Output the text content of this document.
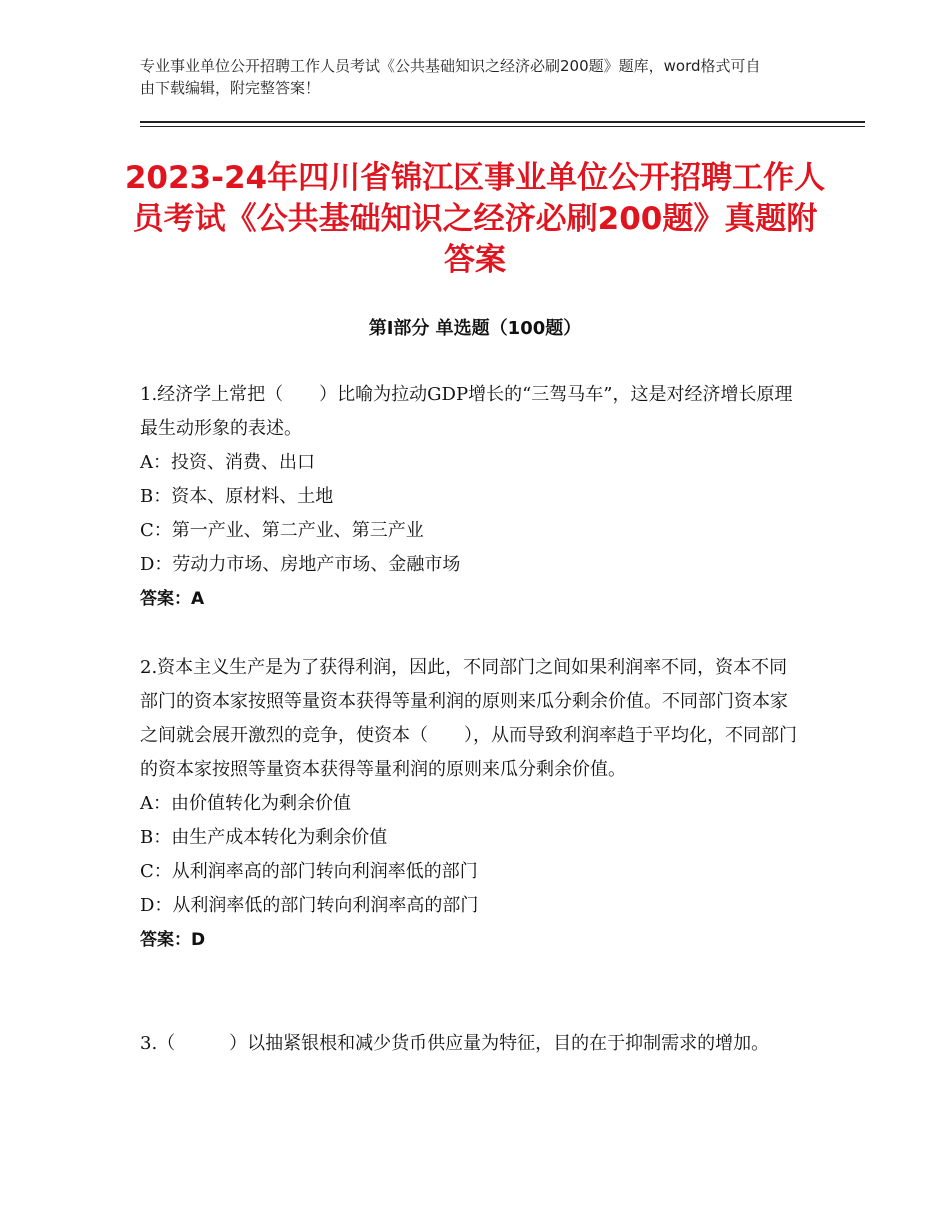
专业事业单位公开招聘工作人员考试《公共基础知识之经济必刷200题》题库，word格式可自由下载编辑，附完整答案！
2023-24年四川省锦江区事业单位公开招聘工作人员考试《公共基础知识之经济必刷200题》真题附答案
第Ⅰ部分 单选题（100题）

1.经济学上常把（　　）比喻为拉动GDP增长的“三驾马车”，这是对经济增长原理最生动形象的表述。

A：投资、消费、出口

B：资本、原材料、土地

C：第一产业、第二产业、第三产业

D：劳动力市场、房地产市场、金融市场

答案：A

2.资本主义生产是为了获得利润，因此，不同部门之间如果利润率不同，资本不同部门的资本家按照等量资本获得等量利润的原则来瓜分剩余价值。不同部门资本家之间就会展开激烈的竞争，使资本（　　），从而导致利润率趋于平均化，不同部门的资本家按照等量资本获得等量利润的原则来瓜分剩余价值。

A：由价值转化为剩余价值

B：由生产成本转化为剩余价值

C：从利润率高的部门转向利润率低的部门

D：从利润率低的部门转向利润率高的部门

答案：D

3.（　　　）以抽紧银根和减少货币供应量为特征，目的在于抑制需求的增加。
